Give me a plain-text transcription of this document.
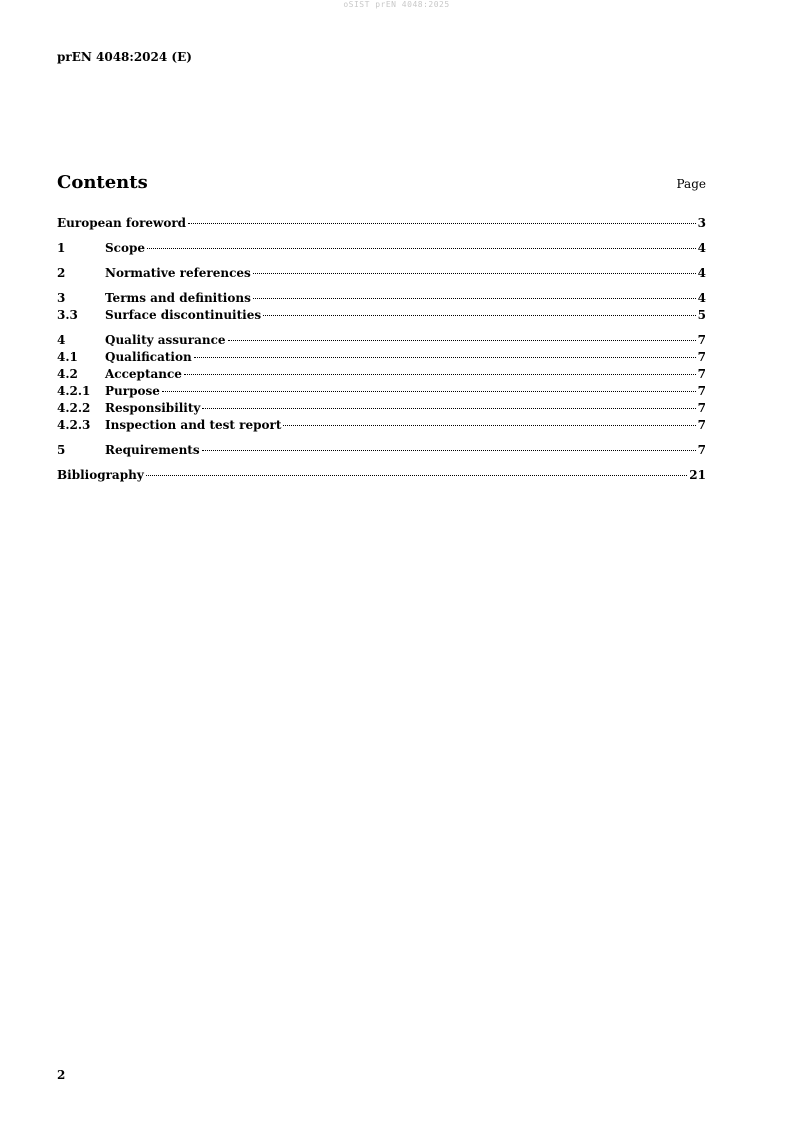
oSIST prEN 4048:2025
prEN 4048:2024 (E)
Contents	Page
European foreword	3
1	Scope	4
2	Normative references	4
3	Terms and definitions	4
3.3	Surface discontinuities	5
4	Quality assurance	7
4.1	Qualification	7
4.2	Acceptance	7
4.2.1	Purpose	7
4.2.2	Responsibility	7
4.2.3	Inspection and test report	7
5	Requirements	7
Bibliography	21
2
